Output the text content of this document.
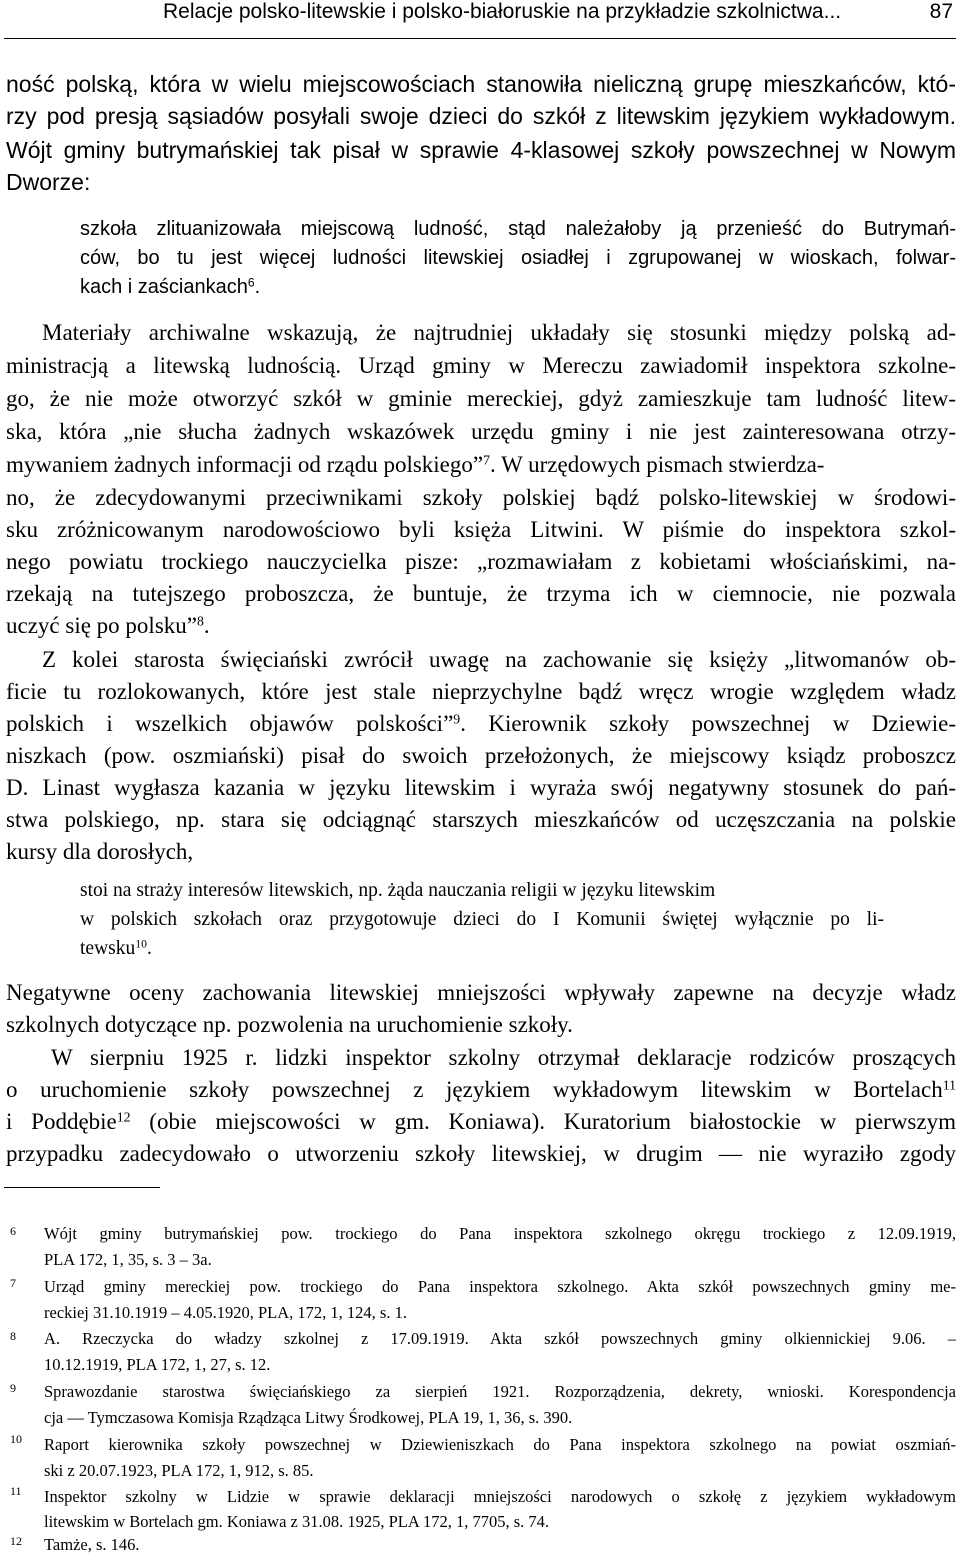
Relacje polsko-litewskie i polsko-białoruskie na przykładzie szkolnictwa...	87
ność polską, która w wielu miejscowościach stanowiła nieliczną grupę mieszkańców, któ-
rzy pod presją sąsiadów posyłali swoje dzieci do szkół z litewskim językiem wykładowym.
Wójt gminy butrymańskiej tak pisał w sprawie 4-klasowej szkoły powszechnej w Nowym
Dworze:
szkoła zlituanizowała miejscową ludność, stąd należałoby ją przenieść do Butrymań-
ców, bo tu jest więcej ludności litewskiej osiadłej i zgrupowanej w wioskach, folwar-
kach i zaściankach$^6$.
Materiały archiwalne wskazują, że najtrudniej układały się stosunki między polską ad-
ministracją a litewską ludnością. Urząd gminy w Mereczu zawiadomił inspektora szkolne-
go, że nie może otworzyć szkół w gminie mereckiej, gdyż zamieszkuje tam ludność litew-
ska, która „nie słucha żadnych wskazówek urzędu gminy i nie jest zainteresowana otrzy-
mywaniem żadnych informacji od rządu polskiego”$^7$. W urzędowych pismach stwierdza-
no, że zdecydowanymi przeciwnikami szkoły polskiej bądź polsko-litewskiej w środowi-
sku zróżnicowanym narodowościowo byli księża Litwini. W piśmie do inspektora szkol-
nego powiatu trockiego nauczycielka pisze: „rozmawiałam z kobietami włościańskimi, na-
rzekają na tutejszego proboszcza, że buntuje, że trzyma ich w ciemnocie, nie pozwala
uczyć się po polsku”$^8$.
Z kolei starosta święciański zwrócił uwagę na zachowanie się księży „litwomanów ob-
ficie tu rozlokowanych, które jest stale nieprzychylne bądź wręcz wrogie względem władz
polskich i wszelkich objawów polskości”$^9$. Kierownik szkoły powszechnej w Dziewie-
niszkach (pow. oszmiański) pisał do swoich przełożonych, że miejscowy ksiądz proboszcz
D. Linast wygłasza kazania w języku litewskim i wyraża swój negatywny stosunek do pań-
stwa polskiego, np. stara się odciągnąć starszych mieszkańców od uczęszczania na polskie
kursy dla dorosłych,
stoi na straży interesów litewskich, np. żąda nauczania religii w języku litewskim
w polskich szkołach oraz przygotowuje dzieci do I Komunii świętej wyłącznie po li-
tewsku$^{10}$.
Negatywne oceny zachowania litewskiej mniejszości wpływały zapewne na decyzje władz
szkolnych dotyczące np. pozwolenia na uruchomienie szkoły.
W sierpniu 1925 r. lidzki inspektor szkolny otrzymał deklaracje rodziców proszących
o uruchomienie szkoły powszechnej z językiem wykładowym litewskim w Bortelach$^{11}$
i Poddębie$^{12}$ (obie miejscowości w gm. Koniawa). Kuratorium białostockie w pierwszym
przypadku zadecydowało o utworzeniu szkoły litewskiej, w drugim — nie wyraziło zgody
6 Wójt gminy butrymańskiej pow. trockiego do Pana inspektora szkolnego okręgu trockiego z 12.09.1919,
PLA 172, 1, 35, s. 3 – 3a.
7 Urząd gminy mereckiej pow. trockiego do Pana inspektora szkolnego. Akta szkół powszechnych gminy me-
reckiej 31.10.1919 – 4.05.1920, PLA, 172, 1, 124, s. 1.
8 A. Rzeczycka do władzy szkolnej z 17.09.1919. Akta szkół powszechnych gminy olkiennickiej 9.06. –
10.12.1919, PLA 172, 1, 27, s. 12.
9 Sprawozdanie starostwa święciańskiego za sierpień 1921. Rozporządzenia, dekrety, wnioski. Korespondencja
cja — Tymczasowa Komisja Rządząca Litwy Środkowej, PLA 19, 1, 36, s. 390.
10 Raport kierownika szkoły powszechnej w Dziewieniszkach do Pana inspektora szkolnego na powiat oszmiań-
ski z 20.07.1923, PLA 172, 1, 912, s. 85.
11 Inspektor szkolny w Lidzie w sprawie deklaracji mniejszości narodowych o szkołę z językiem wykładowym
litewskim w Bortelach gm. Koniawa z 31.08. 1925, PLA 172, 1, 7705, s. 74.
12 Tamże, s. 146.
